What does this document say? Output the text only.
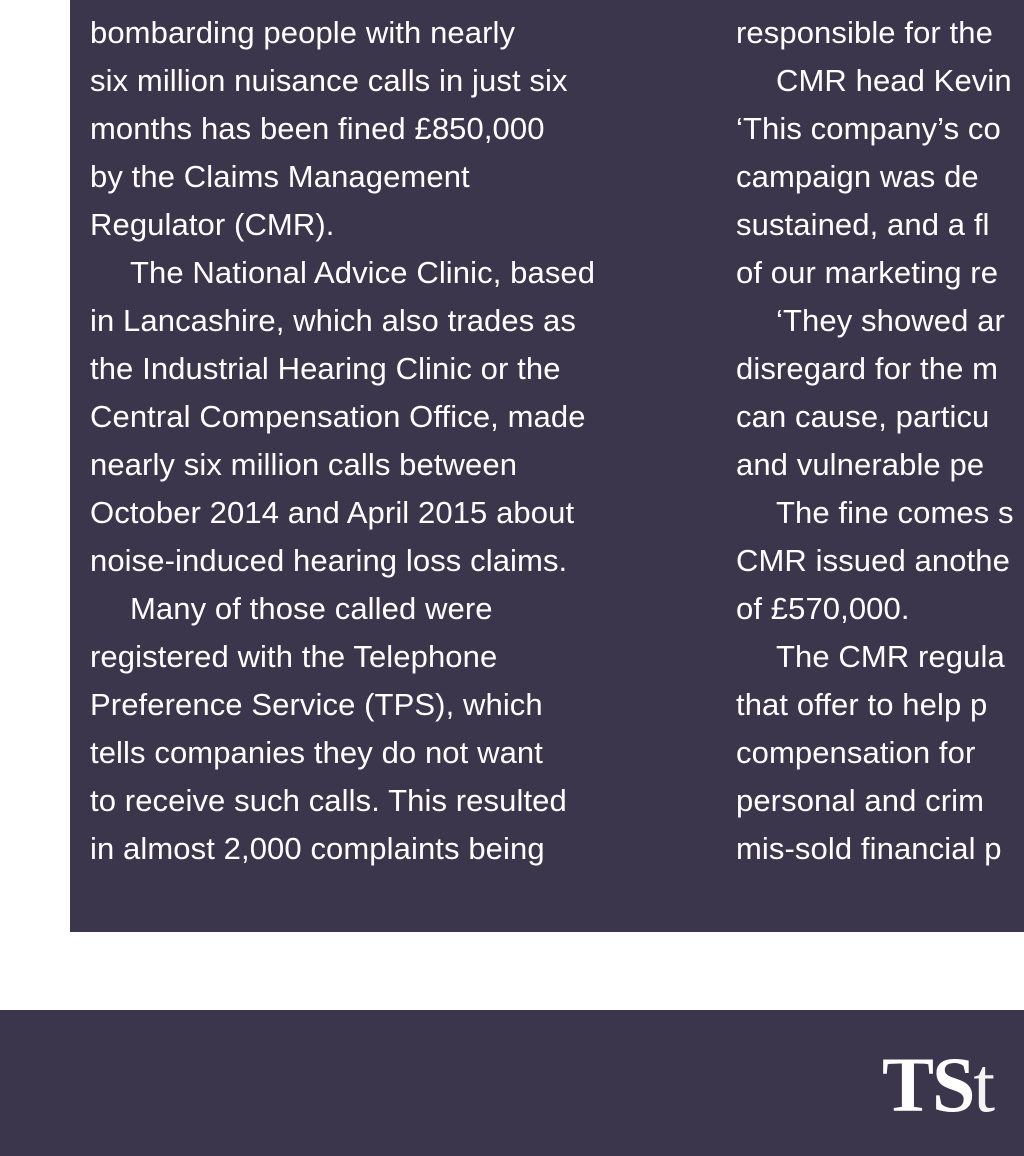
bombarding people with nearly
six million nuisance calls in just six
months has been fined £850,000
by the Claims Management
Regulator (CMR).
The National Advice Clinic, based
in Lancashire, which also trades as
the Industrial Hearing Clinic or the
Central Compensation Office, made
nearly six million calls between
October 2014 and April 2015 about
noise-induced hearing loss claims.
Many of those called were
registered with the Telephone
Preference Service (TPS), which
tells companies they do not want
to receive such calls. This resulted
in almost 2,000 complaints being
responsible for the
CMR head Kevin
‘This company’s co
campaign was de
sustained, and a fl
of our marketing re
‘They showed ar
disregard for the m
can cause, particu
and vulnerable pe
The fine comes s
CMR issued anothe
of £570,000.
The CMR regula
that offer to help p
compensation for
personal and crim
mis-sold financial p
TSt
